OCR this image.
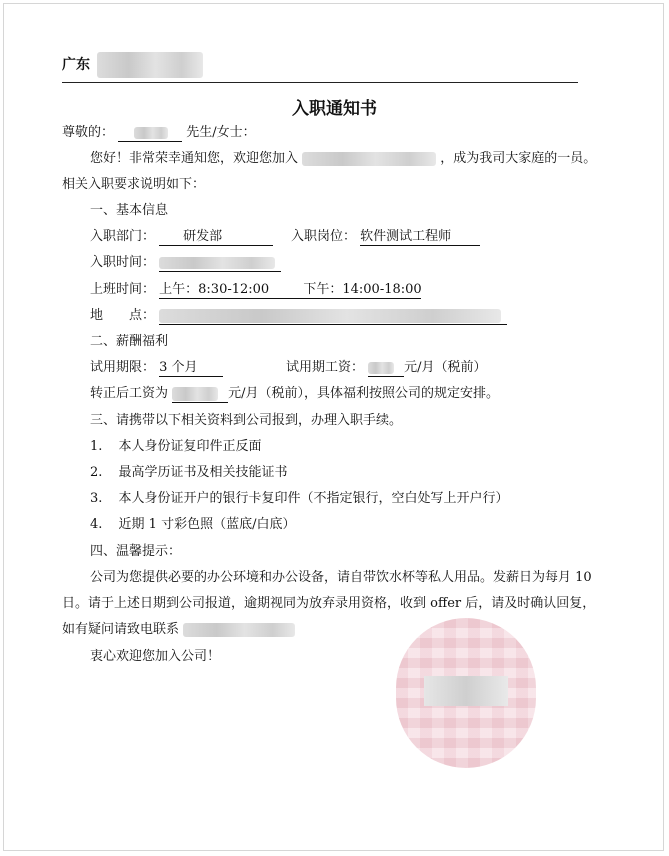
广东
入职通知书
尊敬的：	先生/女士：
您好！非常荣幸通知您，欢迎您加入	，成为我司大家庭的一员。
相关入职要求说明如下：
一、基本信息
入职部门： 研发部	入职岗位： 软件测试工程师
入职时间：
上班时间： 上午：8:30-12:00	下午：14:00-18:00
地　　点：
二、薪酬福利
试用期限： 3 个月	试用期工资：	元/月（税前）
转正后工资为	元/月（税前），具体福利按照公司的规定安排。
三、请携带以下相关资料到公司报到，办理入职手续。
1. 本人身份证复印件正反面
2. 最高学历证书及相关技能证书
3. 本人身份证开户的银行卡复印件（不指定银行，空白处写上开户行）
4. 近期 1 寸彩色照（蓝底/白底）
四、温馨提示：
公司为您提供必要的办公环境和办公设备，请自带饮水杯等私人用品。发薪日为每月 10
日。请于上述日期到公司报道，逾期视同为放弃录用资格，收到 offer 后，请及时确认回复，
如有疑问请致电联系
衷心欢迎您加入公司！
